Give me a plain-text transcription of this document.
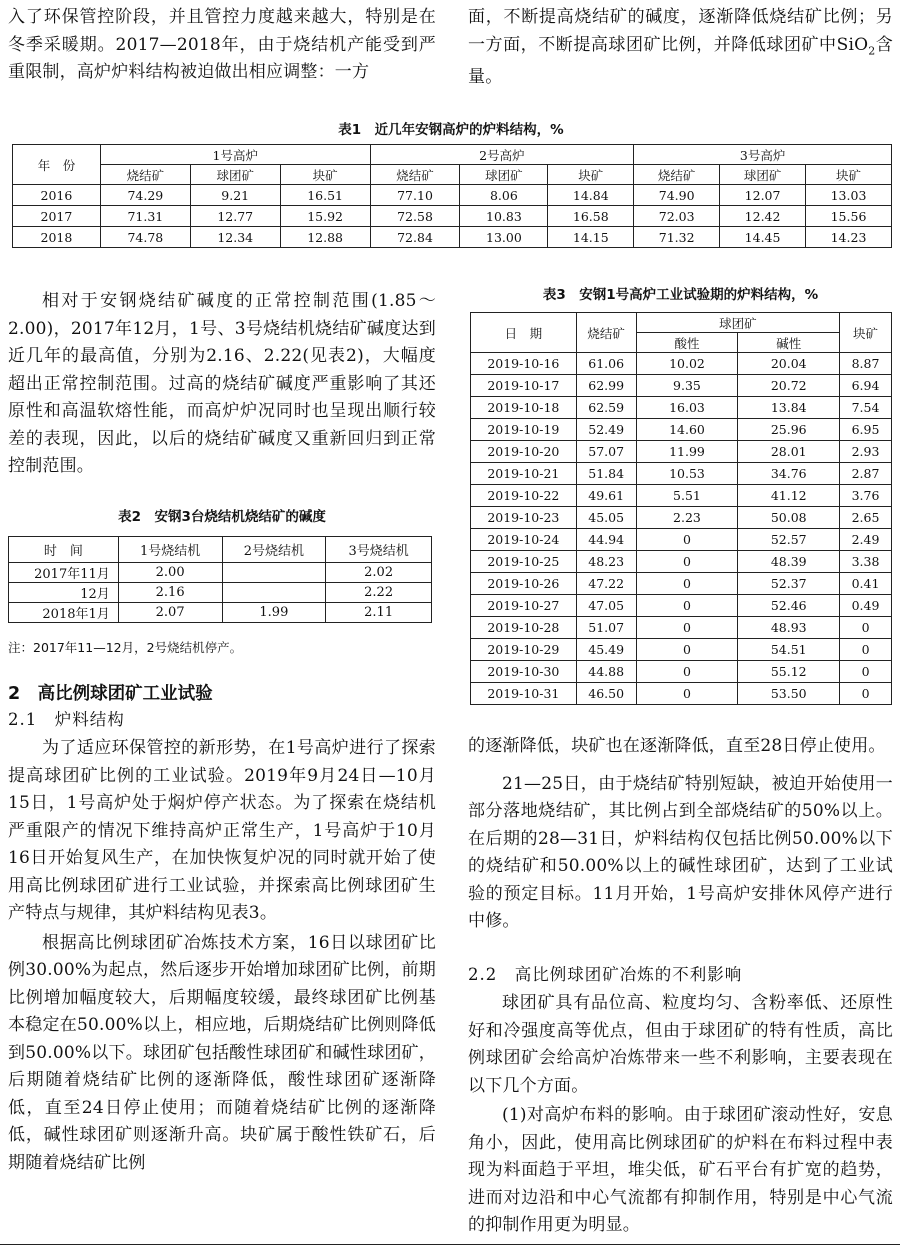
入了环保管控阶段，并且管控力度越来越大，特别是在冬季采暖期。2017—2018年，由于烧结机产能受到严重限制，高炉炉料结构被迫做出相应调整：一方

面，不断提高烧结矿的碱度，逐渐降低烧结矿比例；另一方面，不断提高球团矿比例，并降低球团矿中SiO$_2$含量。

表1　近几年安钢高炉的炉料结构，%
年　份	1号高炉			2号高炉			3号高炉		
	烧结矿	球团矿	块矿	烧结矿	球团矿	块矿	烧结矿	球团矿	块矿
2016	74.29	9.21	16.51	77.10	8.06	14.84	74.90	12.07	13.03
2017	71.31	12.77	15.92	72.58	10.83	16.58	72.03	12.42	15.56
2018	74.78	12.34	12.88	72.84	13.00	14.15	71.32	14.45	14.23

相对于安钢烧结矿碱度的正常控制范围(1.85～2.00)，2017年12月，1号、3号烧结机烧结矿碱度达到近几年的最高值，分别为2.16、2.22(见表2)，大幅度超出正常控制范围。过高的烧结矿碱度严重影响了其还原性和高温软熔性能，而高炉炉况同时也呈现出顺行较差的表现，因此，以后的烧结矿碱度又重新回归到正常控制范围。

表2　安钢3台烧结机烧结矿的碱度
时　间	1号烧结机	2号烧结机	3号烧结机
2017年11月	2.00		2.02
12月	2.16		2.22
2018年1月	2.07	1.99	2.11
注：2017年11—12月，2号烧结机停产。
2　高比例球团矿工业试验
2.1　炉料结构

为了适应环保管控的新形势，在1号高炉进行了探索提高球团矿比例的工业试验。2019年9月24日—10月15日，1号高炉处于焖炉停产状态。为了探索在烧结机严重限产的情况下维持高炉正常生产，1号高炉于10月16日开始复风生产，在加快恢复炉况的同时就开始了使用高比例球团矿进行工业试验，并探索高比例球团矿生产特点与规律，其炉料结构见表3。

根据高比例球团矿冶炼技术方案，16日以球团矿比例30.00%为起点，然后逐步开始增加球团矿比例，前期比例增加幅度较大，后期幅度较缓，最终球团矿比例基本稳定在50.00%以上，相应地，后期烧结矿比例则降低到50.00%以下。球团矿包括酸性球团矿和碱性球团矿，后期随着烧结矿比例的逐渐降低，酸性球团矿逐渐降低，直至24日停止使用；而随着烧结矿比例的逐渐降低，碱性球团矿则逐渐升高。块矿属于酸性铁矿石，后期随着烧结矿比例

表3　安钢1号高炉工业试验期的炉料结构，%
日　期	烧结矿	球团矿		块矿
		酸性	碱性	
2019-10-16	61.06	10.02	20.04	8.87
2019-10-17	62.99	9.35	20.72	6.94
2019-10-18	62.59	16.03	13.84	7.54
2019-10-19	52.49	14.60	25.96	6.95
2019-10-20	57.07	11.99	28.01	2.93
2019-10-21	51.84	10.53	34.76	2.87
2019-10-22	49.61	5.51	41.12	3.76
2019-10-23	45.05	2.23	50.08	2.65
2019-10-24	44.94	0	52.57	2.49
2019-10-25	48.23	0	48.39	3.38
2019-10-26	47.22	0	52.37	0.41
2019-10-27	47.05	0	52.46	0.49
2019-10-28	51.07	0	48.93	0
2019-10-29	45.49	0	54.51	0
2019-10-30	44.88	0	55.12	0
2019-10-31	46.50	0	53.50	0

的逐渐降低，块矿也在逐渐降低，直至28日停止使用。

21—25日，由于烧结矿特别短缺，被迫开始使用一部分落地烧结矿，其比例占到全部烧结矿的50%以上。在后期的28—31日，炉料结构仅包括比例50.00%以下的烧结矿和50.00%以上的碱性球团矿，达到了工业试验的预定目标。11月开始，1号高炉安排休风停产进行中修。

2.2　高比例球团矿冶炼的不利影响

球团矿具有品位高、粒度均匀、含粉率低、还原性好和冷强度高等优点，但由于球团矿的特有性质，高比例球团矿会给高炉冶炼带来一些不利影响，主要表现在以下几个方面。

(1)对高炉布料的影响。由于球团矿滚动性好，安息角小，因此，使用高比例球团矿的炉料在布料过程中表现为料面趋于平坦，堆尖低，矿石平台有扩宽的趋势，进而对边沿和中心气流都有抑制作用，特别是中心气流的抑制作用更为明显。
